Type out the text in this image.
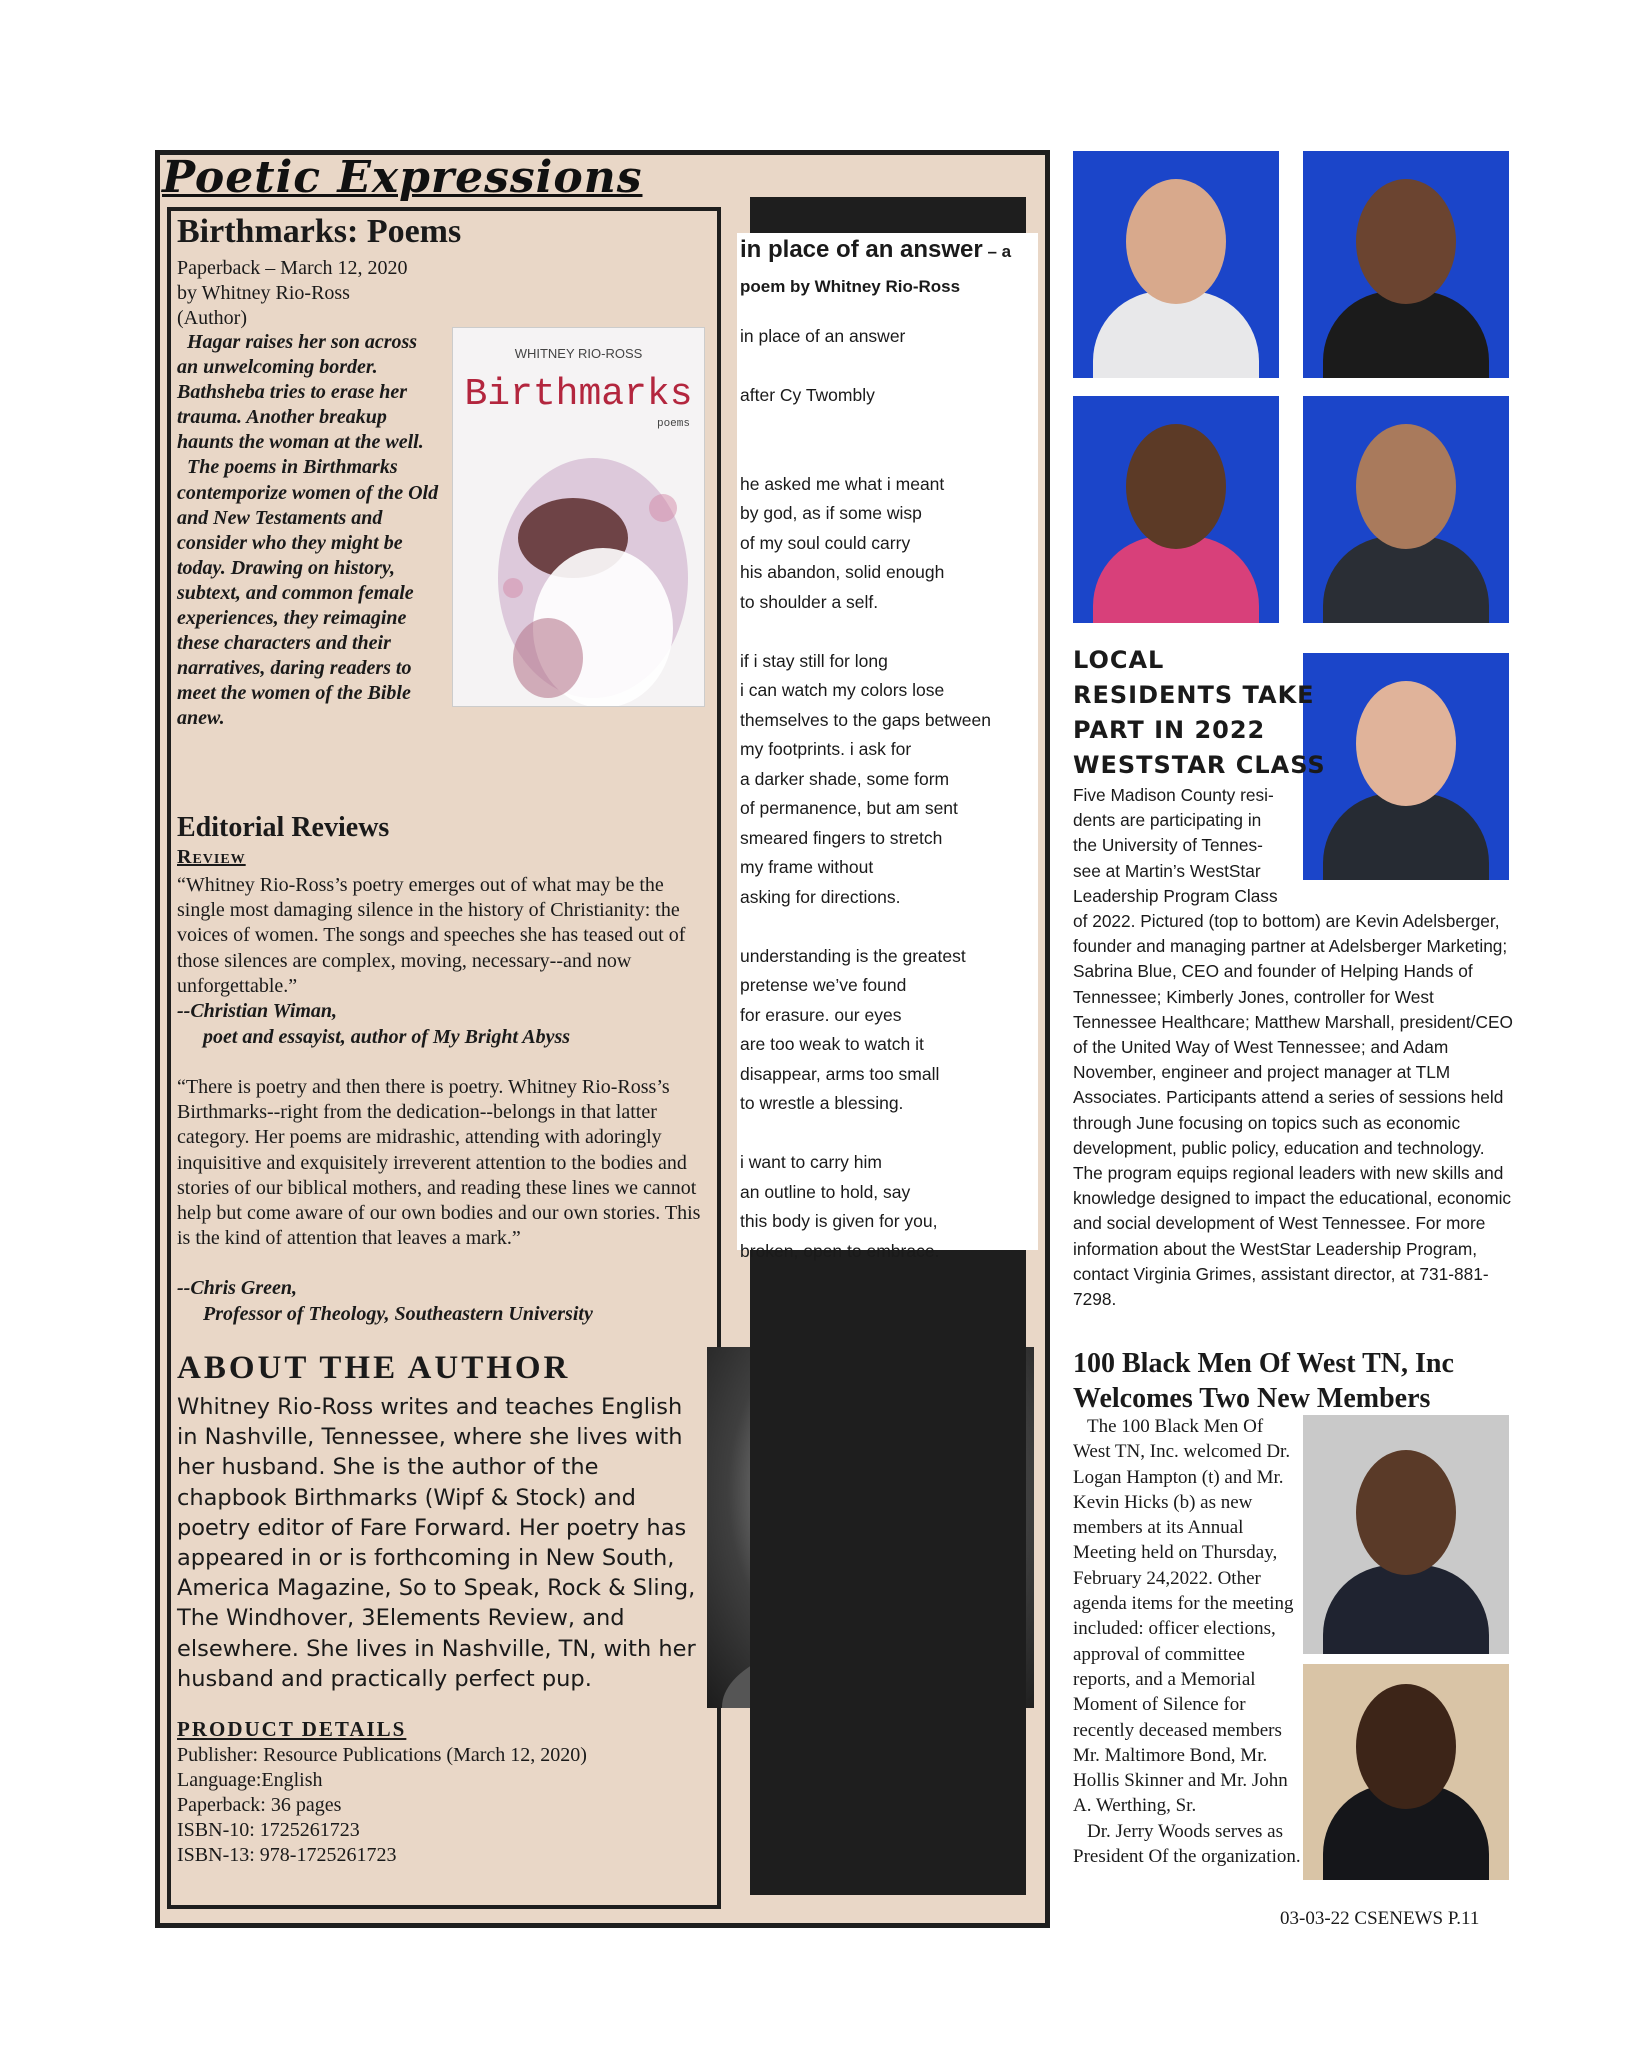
Poetic Expressions
Birthmarks: Poems
Paperback – March 12, 2020
by Whitney Rio-Ross
(Author)

Hagar raises her son across an unwelcoming border. Bathsheba tries to erase her trauma. Another breakup haunts the woman at the well.

The poems in Birthmarks contemporize women of the Old and New Testaments and consider who they might be today. Drawing on history, subtext, and common female experiences, they reimagine these characters and their narratives, daring readers to meet the women of the Bible anew.

WHITNEY RIO-ROSS
Birthmarks
poems
Editorial Reviews
Review
“Whitney Rio-Ross’s poetry emerges out of what may be the single most damaging silence in the history of Christianity: the voices of women. The songs and speeches she has teased out of those silences are complex, moving, necessary--and now unforgettable.”
--Christian Wiman,
poet and essayist, author of My Bright Abyss
“There is poetry and then there is poetry. Whitney Rio-Ross’s Birthmarks--right from the dedication--belongs in that latter category. Her poems are midrashic, attending with adoringly inquisitive and exquisitely irreverent attention to the bodies and stories of our biblical mothers, and reading these lines we cannot help but come aware of our own bodies and our own stories. This is the kind of attention that leaves a mark.”
--Chris Green,
Professor of Theology, Southeastern University
ABOUT THE AUTHOR
Whitney Rio-Ross writes and teaches English in Nashville, Tennessee, where she lives with her husband. She is the author of the chapbook Birthmarks (Wipf & Stock) and poetry editor of Fare Forward. Her poetry has appeared in or is forthcoming in New South, America Magazine, So to Speak, Rock & Sling, The Windhover, 3Elements Review, and elsewhere. She lives in Nashville, TN, with her husband and practically perfect pup.
PRODUCT DETAILS
Publisher: Resource Publications (March 12, 2020)
Language:English
Paperback: 36 pages
ISBN-10: 1725261723
ISBN-13: 978-1725261723
in place of an answer – a
poem by Whitney Rio-Ross
in place of an answer
after Cy Twombly
he asked me what i meant
by god, as if some wisp
of my soul could carry
his abandon, solid enough
to shoulder a self.
if i stay still for long
i can watch my colors lose
themselves to the gaps between
my footprints. i ask for
a darker shade, some form
of permanence, but am sent
smeared fingers to stretch
my frame without
asking for directions.
understanding is the greatest
pretense we’ve found
for erasure. our eyes
are too weak to watch it
disappear, arms too small
to wrestle a blessing.
i want to carry him
an outline to hold, say
this body is given for you,
broken, open to embrace.
LOCAL
RESIDENTS TAKE
PART IN 2022
WESTSTAR CLASS
Five Madison County resi-
dents are participating in
the University of Tennes-
see at Martin’s WestStar
Leadership Program Class
of 2022. Pictured (top to bottom) are Kevin Adelsberger, founder and managing partner at Adelsberger Marketing; Sabrina Blue, CEO and founder of Helping Hands of Tennessee; Kimberly Jones, controller for West Tennessee Healthcare; Matthew Marshall, president/CEO of the United Way of West Tennessee; and Adam November, engineer and project manager at TLM Associates. Participants attend a series of sessions held through June focusing on topics such as economic development, public policy, education and technology. The program equips regional leaders with new skills and knowledge designed to impact the educational, economic and social development of West Tennessee. For more information about the WestStar Leadership Program, contact Virginia Grimes, assistant director, at 731-881-7298.
100 Black Men Of West TN, Inc
Welcomes Two New Members

The 100 Black Men Of West TN, Inc. welcomed Dr. Logan Hampton (t) and Mr. Kevin Hicks (b) as new members at its Annual Meeting held on Thursday, February 24,2022. Other agenda items for the meeting included: officer elections, approval of committee reports, and a Memorial Moment of Silence for recently deceased members Mr. Maltimore Bond, Mr. Hollis Skinner and Mr. John A. Werthing, Sr.

Dr. Jerry Woods serves as President Of the organization.

03-03-22 CSENEWS P.11
